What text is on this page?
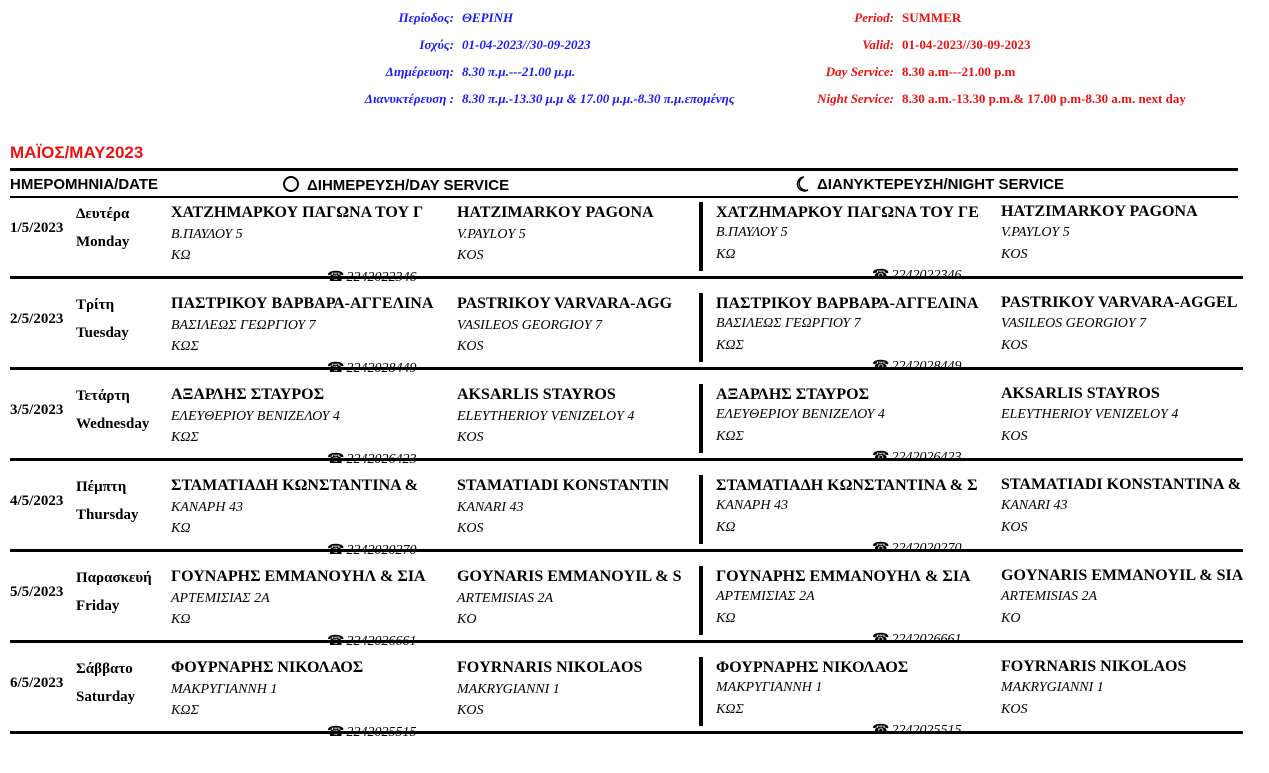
Περίοδος: ΘΕΡΙΝΗ
Ισχύς: 01-04-2023//30-09-2023
Διημέρευση: 8.30 π.μ.---21.00 μ.μ.
Διανυκτέρευση : 8.30 π.μ.-13.30 μ.μ & 17.00 μ.μ.-8.30 π.μ.επομένης
Period: SUMMER
Valid: 01-04-2023//30-09-2023
Day Service: 8.30 a.m---21.00 p.m
Night Service: 8.30 a.m.-13.30 p.m.& 17.00 p.m-8.30 a.m. next day
ΜΑΪΟΣ/MAY2023
ΗΜΕΡΟΜΗΝΙΑ/DATE	ΔΙΗΜΕΡΕΥΣΗ/DAY SERVICE	ΔΙΑΝΥΚΤΕΡΕΥΣΗ/NIGHT SERVICE
1/5/2023
Δευτέρα
Monday
ΧΑΤΖΗΜΑΡΚΟΥ ΠΑΓΩΝΑ ΤΟΥ Γ
Β.ΠΑΥΛΟΥ 5
ΚΩ
HATZIMARKOY PAGONA
V.PAYLOY 5
KOS
ΧΑΤΖΗΜΑΡΚΟΥ ΠΑΓΩΝΑ ΤΟΥ ΓΕ
Β.ΠΑΥΛΟΥ 5
ΚΩ
HATZIMARKOY PAGONA
V.PAYLOY 5
KOS
2/5/2023
Τρίτη
Tuesday
ΠΑΣΤΡΙΚΟΥ ΒΑΡΒΑΡΑ-ΑΓΓΕΛΙΝΑ
ΒΑΣΙΛΕΩΣ ΓΕΩΡΓΙΟΥ 7
ΚΩΣ
PASTRIKOY VARVARA-AGG
VASILEOS GEORGIOY 7
KOS
ΠΑΣΤΡΙΚΟΥ ΒΑΡΒΑΡΑ-ΑΓΓΕΛΙΝΑ
ΒΑΣΙΛΕΩΣ ΓΕΩΡΓΙΟΥ 7
ΚΩΣ
PASTRIKOY VARVARA-AGGEL
VASILEOS GEORGIOY 7
KOS
3/5/2023
Τετάρτη
Wednesday
ΑΞΑΡΛΗΣ ΣΤΑΥΡΟΣ
ΕΛΕΥΘΕΡΙΟΥ ΒΕΝΙΖΕΛΟΥ 4
ΚΩΣ
AKSARLIS STAYROS
ELEYTHERIOY VENIZELOY 4
KOS
ΑΞΑΡΛΗΣ ΣΤΑΥΡΟΣ
ΕΛΕΥΘΕΡΙΟΥ ΒΕΝΙΖΕΛΟΥ 4
ΚΩΣ
AKSARLIS STAYROS
ELEYTHERIOY VENIZELOY 4
KOS
4/5/2023
Πέμπτη
Thursday
ΣΤΑΜΑΤΙΑΔΗ ΚΩΝΣΤΑΝΤΙΝΑ &
ΚΑΝΑΡΗ 43
ΚΩ
STAMATIADI KONSTANTIN
KANARI 43
KOS
ΣΤΑΜΑΤΙΑΔΗ ΚΩΝΣΤΑΝΤΙΝΑ & Σ
ΚΑΝΑΡΗ 43
ΚΩ
STAMATIADI KONSTANTINA &
KANARI 43
KOS
5/5/2023
Παρασκευή
Friday
ΓΟΥΝΑΡΗΣ ΕΜΜΑΝΟΥΗΛ & ΣΙΑ
ΑΡΤΕΜΙΣΙΑΣ 2Α
ΚΩ
GOYNARIS EMMANOYIL & S
ARTEMISIAS 2A
KO
ΓΟΥΝΑΡΗΣ ΕΜΜΑΝΟΥΗΛ & ΣΙΑ
ΑΡΤΕΜΙΣΙΑΣ 2Α
ΚΩ
GOYNARIS EMMANOYIL & SIA
ARTEMISIAS 2A
KO
6/5/2023
Σάββατο
Saturday
ΦΟΥΡΝΑΡΗΣ ΝΙΚΟΛΑΟΣ
ΜΑΚΡΥΓΙΑΝΝΗ 1
ΚΩΣ
FOYRNARIS NIKOLAOS
MAKRYGIANNI 1
KOS
ΦΟΥΡΝΑΡΗΣ ΝΙΚΟΛΑΟΣ
ΜΑΚΡΥΓΙΑΝΝΗ 1
ΚΩΣ
FOYRNARIS NIKOLAOS
MAKRYGIANNI 1
KOS
